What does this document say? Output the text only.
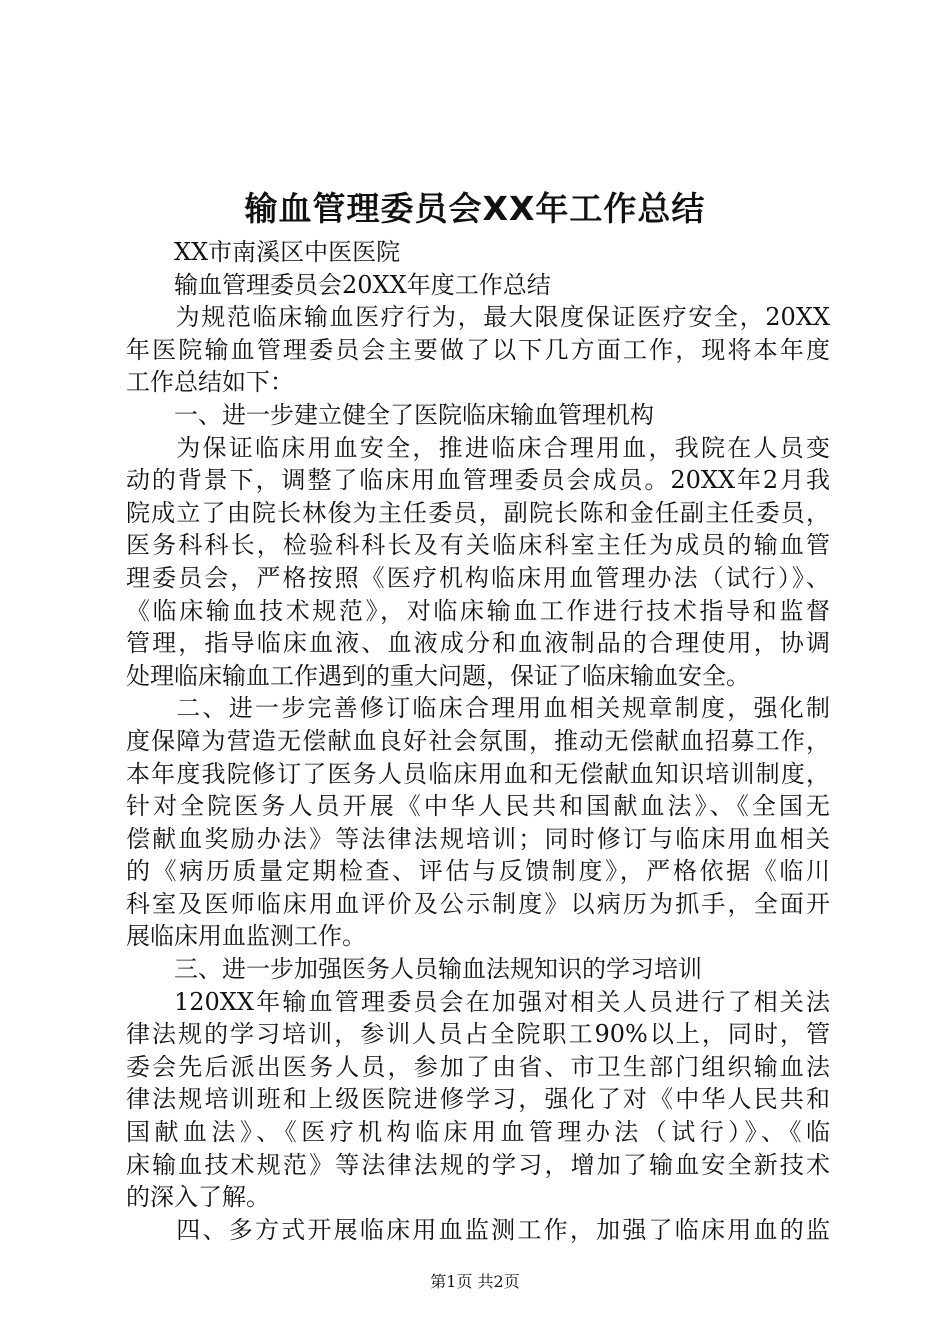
输血管理委员会XX年工作总结
XX市南溪区中医医院
输血管理委员会20XX年度工作总结
为规范临床输血医疗行为，最大限度保证医疗安全，20XX
年医院输血管理委员会主要做了以下几方面工作，现将本年度
工作总结如下：
一、进一步建立健全了医院临床输血管理机构
为保证临床用血安全，推进临床合理用血，我院在人员变
动的背景下，调整了临床用血管理委员会成员。20XX年2月我
院成立了由院长林俊为主任委员，副院长陈和金任副主任委员，
医务科科长，检验科科长及有关临床科室主任为成员的输血管
理委员会，严格按照《医疗机构临床用血管理办法（试行）》、
《临床输血技术规范》，对临床输血工作进行技术指导和监督
管理，指导临床血液、血液成分和血液制品的合理使用，协调
处理临床输血工作遇到的重大问题，保证了临床输血安全。
二、进一步完善修订临床合理用血相关规章制度，强化制
度保障为营造无偿献血良好社会氛围，推动无偿献血招募工作，
本年度我院修订了医务人员临床用血和无偿献血知识培训制度，
针对全院医务人员开展《中华人民共和国献血法》、《全国无
偿献血奖励办法》等法律法规培训；同时修订与临床用血相关
的《病历质量定期检查、评估与反馈制度》，严格依据《临川
科室及医师临床用血评价及公示制度》以病历为抓手，全面开
展临床用血监测工作。
三、进一步加强医务人员输血法规知识的学习培训
120XX年输血管理委员会在加强对相关人员进行了相关法
律法规的学习培训，参训人员占全院职工90%以上，同时，管
委会先后派出医务人员，参加了由省、市卫生部门组织输血法
律法规培训班和上级医院进修学习，强化了对《中华人民共和
国献血法》、《医疗机构临床用血管理办法（试行）》、《临
床输血技术规范》等法律法规的学习，增加了输血安全新技术
的深入了解。
四、多方式开展临床用血监测工作，加强了临床用血的监
第1页 共2页
